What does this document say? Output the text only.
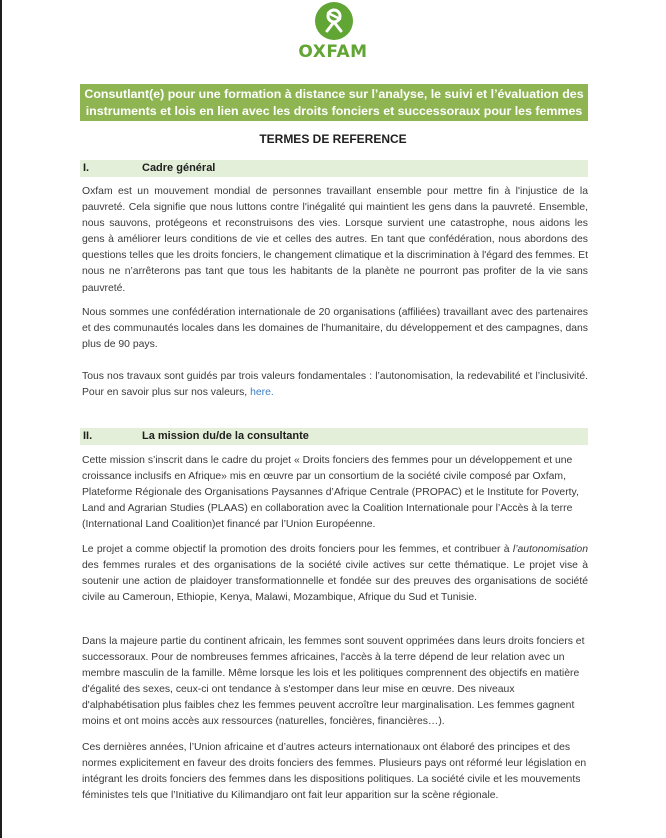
OXFAM
Consutlant(e) pour une formation à distance sur l’analyse, le suivi et l’évaluation des
instruments et lois en lien avec les droits fonciers et successoraux pour les femmes
TERMES DE REFERENCE
I.	Cadre général
Oxfam est un mouvement mondial de personnes travaillant ensemble pour mettre fin à l'injustice de la pauvreté. Cela signifie que nous luttons contre l'inégalité qui maintient les gens dans la pauvreté. Ensemble, nous sauvons, protégeons et reconstruisons des vies. Lorsque survient une catastrophe, nous aidons les gens à améliorer leurs conditions de vie et celles des autres. En tant que confédération, nous abordons des questions telles que les droits fonciers, le changement climatique et la discrimination à l'égard des femmes. Et nous ne n’arrêterons pas tant que tous les habitants de la planète ne pourront pas profiter de la vie sans pauvreté.
Nous sommes une confédération internationale de 20 organisations (affiliées) travaillant avec des partenaires et des communautés locales dans les domaines de l'humanitaire, du développement et des campagnes, dans plus de 90 pays.
Tous nos travaux sont guidés par trois valeurs fondamentales : l’autonomisation, la redevabilité et l’inclusivité. Pour en savoir plus sur nos valeurs, here.
II.	La mission du/de la consultante
Cette mission s’inscrit dans le cadre du projet « Droits fonciers des femmes pour un développement et une croissance inclusifs en Afrique» mis en œuvre par un consortium de la société civile composé par Oxfam, Plateforme Régionale des Organisations Paysannes d’Afrique Centrale (PROPAC) et le Institute for Poverty, Land and Agrarian Studies (PLAAS) en collaboration avec la Coalition Internationale pour l’Accès à la terre (International Land Coalition)et financé par l’Union Européenne.
Le projet a comme objectif la promotion des droits fonciers pour les femmes, et contribuer à l’autonomisation des femmes rurales et des organisations de la société civile actives sur cette thématique. Le projet vise à soutenir une action de plaidoyer transformationnelle et fondée sur des preuves des organisations de société civile au Cameroun, Ethiopie, Kenya, Malawi, Mozambique, Afrique du Sud et Tunisie.
Dans la majeure partie du continent africain, les femmes sont souvent opprimées dans leurs droits fonciers et successoraux. Pour de nombreuses femmes africaines, l'accès à la terre dépend de leur relation avec un membre masculin de la famille. Même lorsque les lois et les politiques comprennent des objectifs en matière d'égalité des sexes, ceux-ci ont tendance à s'estomper dans leur mise en œuvre. Des niveaux d'alphabétisation plus faibles chez les femmes peuvent accroître leur marginalisation. Les femmes gagnent moins et ont moins accès aux ressources (naturelles, foncières, financières…).
Ces dernières années, l’Union africaine et d’autres acteurs internationaux ont élaboré des principes et des normes explicitement en faveur des droits fonciers des femmes. Plusieurs pays ont réformé leur législation en intégrant les droits fonciers des femmes dans les dispositions politiques. La société civile et les mouvements féministes tels que l’Initiative du Kilimandjaro ont fait leur apparition sur la scène régionale.
